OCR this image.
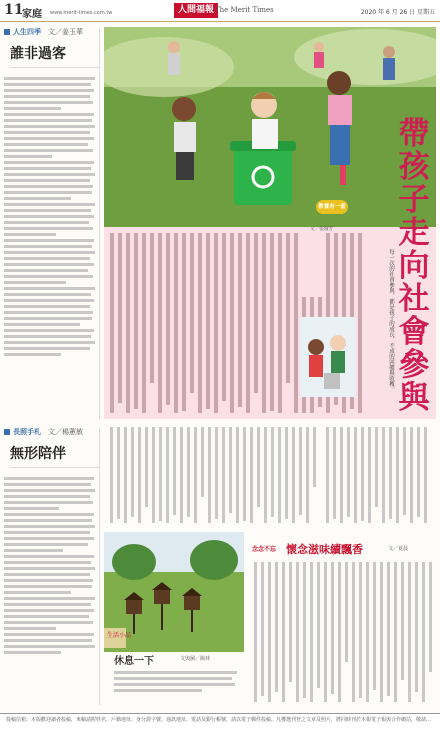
11
家庭 www.merit-times.com.tw	人間福報 The Merit Times	2020 年 6 月 26 日 星期五
人生四季 文／姜玉華
誰非過客
帶
孩
子
走
向
社
會
參
與
教養有一套
文／張瑜芳
每一次的社會參與，都是孩子的成長，不成的回饋與收穫。
長照手札 文／楊蕙敏
無形陪伴
生活小品
休息一下	文與圖／陽林
念念不忘 懷念滋味續飄香	文／夏晨
投稿信箱：本版歡迎讀者投稿，來稿請附姓名、戶籍地址、身分證字號、通訊地址、電話及銀行帳號，請以電子郵件投稿。凡獲選刊登之文章及照片，將同時刊於本報電子報與合作網站，敬請…
